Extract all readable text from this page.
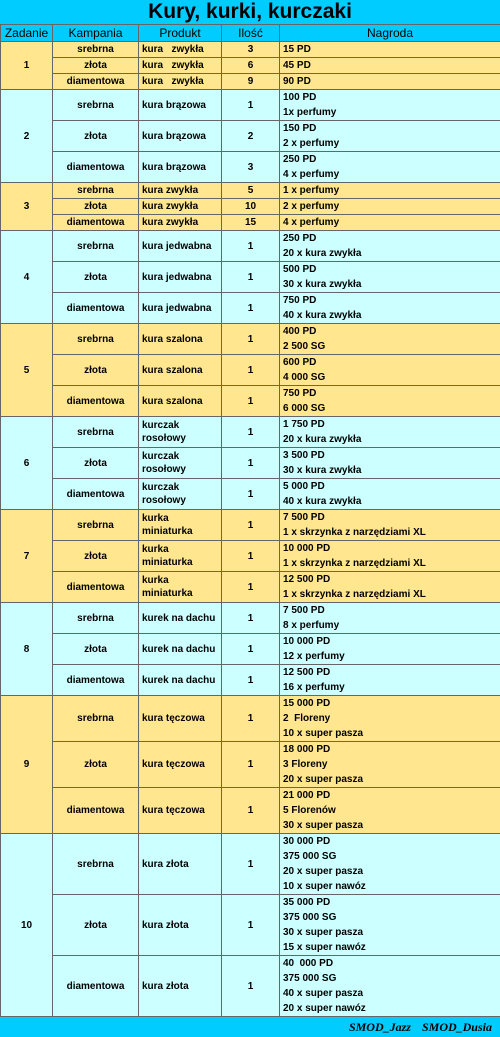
Kury, kurki, kurczaki
Zadanie	Kampania	Produkt	Ilość	Nagroda
1	srebrna	kura   zwykła	3	15 PD

	złota	kura   zwykła	6	45 PD

	diamentowa	kura   zwykła	9	90 PD

2	srebrna	kura brązowa	1	100 PD
1x perfumy

	złota	kura brązowa	2	150 PD
2 x perfumy

	diamentowa	kura brązowa	3	250 PD
4 x perfumy

3	srebrna	kura zwykła	5	1 x perfumy

	złota	kura zwykła	10	2 x perfumy

	diamentowa	kura zwykła	15	4 x perfumy

4	srebrna	kura jedwabna	1	250 PD
20 x kura zwykła

	złota	kura jedwabna	1	500 PD
30 x kura zwykła

	diamentowa	kura jedwabna	1	750 PD
40 x kura zwykła

5	srebrna	kura szalona	1	400 PD
2 500 SG

	złota	kura szalona	1	600 PD
4 000 SG

	diamentowa	kura szalona	1	750 PD
6 000 SG

6	srebrna	kurczak rosołowy	1	1 750 PD
20 x kura zwykła

	złota	kurczak rosołowy	1	3 500 PD
30 x kura zwykła

	diamentowa	kurczak rosołowy	1	5 000 PD
40 x kura zwykła

7	srebrna	kurka miniaturka	1	7 500 PD
1 x skrzynka z narzędziami XL

	złota	kurka miniaturka	1	10 000 PD
1 x skrzynka z narzędziami XL

	diamentowa	kurka miniaturka	1	12 500 PD
1 x skrzynka z narzędziami XL

8	srebrna	kurek na dachu	1	7 500 PD
8 x perfumy

	złota	kurek na dachu	1	10 000 PD
12 x perfumy

	diamentowa	kurek na dachu	1	12 500 PD
16 x perfumy

9	srebrna	kura tęczowa	1	15 000 PD
2  Floreny
10 x super pasza

	złota	kura tęczowa	1	18 000 PD
3 Floreny
20 x super pasza

	diamentowa	kura tęczowa	1	21 000 PD
5 Florenów
30 x super pasza

10	srebrna	kura złota	1	30 000 PD
375 000 SG
20 x super pasza
10 x super nawóz

	złota	kura złota	1	35 000 PD
375 000 SG
30 x super pasza
15 x super nawóz

	diamentowa	kura złota	1	40  000 PD
375 000 SG
40 x super pasza
20 x super nawóz
SMOD_Jazz SMOD_Dusia
